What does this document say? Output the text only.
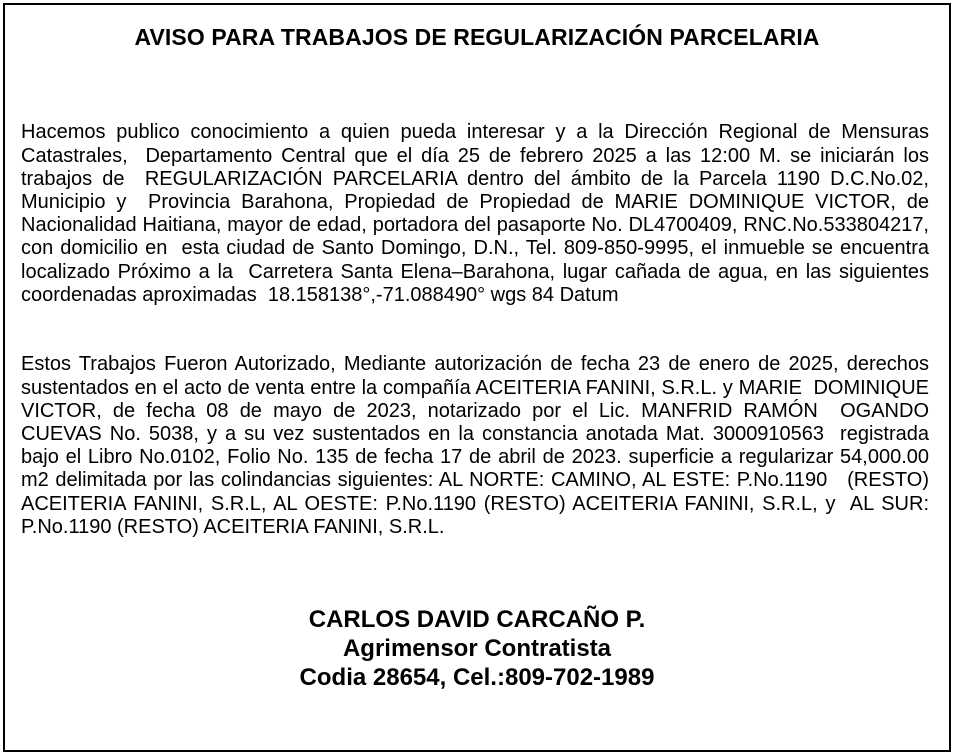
AVISO PARA TRABAJOS DE REGULARIZACIÓN PARCELARIA

Hacemos publico conocimiento a quien pueda interesar y a la Dirección Regional de Mensuras Catastrales,  Departamento Central que el día 25 de febrero 2025 a las 12:00 M. se iniciarán los trabajos de  REGULARIZACIÓN PARCELARIA dentro del ámbito de la Parcela 1190 D.C.No.02, Municipio y  Provincia Barahona, Propiedad de Propiedad de MARIE DOMINIQUE VICTOR, de Nacionalidad Haitiana, mayor de edad, portadora del pasaporte No. DL4700409, RNC.No.533804217, con domicilio en  esta ciudad de Santo Domingo, D.N., Tel. 809-850-9995, el inmueble se encuentra localizado Próximo a la  Carretera Santa Elena–Barahona, lugar cañada de agua, en las siguientes coordenadas aproximadas  18.158138°,-71.088490° wgs 84 Datum

Estos Trabajos Fueron Autorizado, Mediante autorización de fecha 23 de enero de 2025, derechos  sustentados en el acto de venta entre la compañía ACEITERIA FANINI, S.R.L. y MARIE  DOMINIQUE VICTOR, de fecha 08 de mayo de 2023, notarizado por el Lic. MANFRID RAMÓN  OGANDO CUEVAS No. 5038, y a su vez sustentados en la constancia anotada Mat. 3000910563  registrada bajo el Libro No.0102, Folio No. 135 de fecha 17 de abril de 2023. superficie a regularizar 54,000.00 m2 delimitada por las colindancias siguientes: AL NORTE: CAMINO, AL ESTE: P.No.1190   (RESTO) ACEITERIA FANINI, S.R.L, AL OESTE: P.No.1190 (RESTO) ACEITERIA FANINI, S.R.L, y  AL SUR: P.No.1190 (RESTO) ACEITERIA FANINI, S.R.L.

CARLOS DAVID CARCAÑO P.
Agrimensor Contratista
Codia 28654, Cel.:809-702-1989
